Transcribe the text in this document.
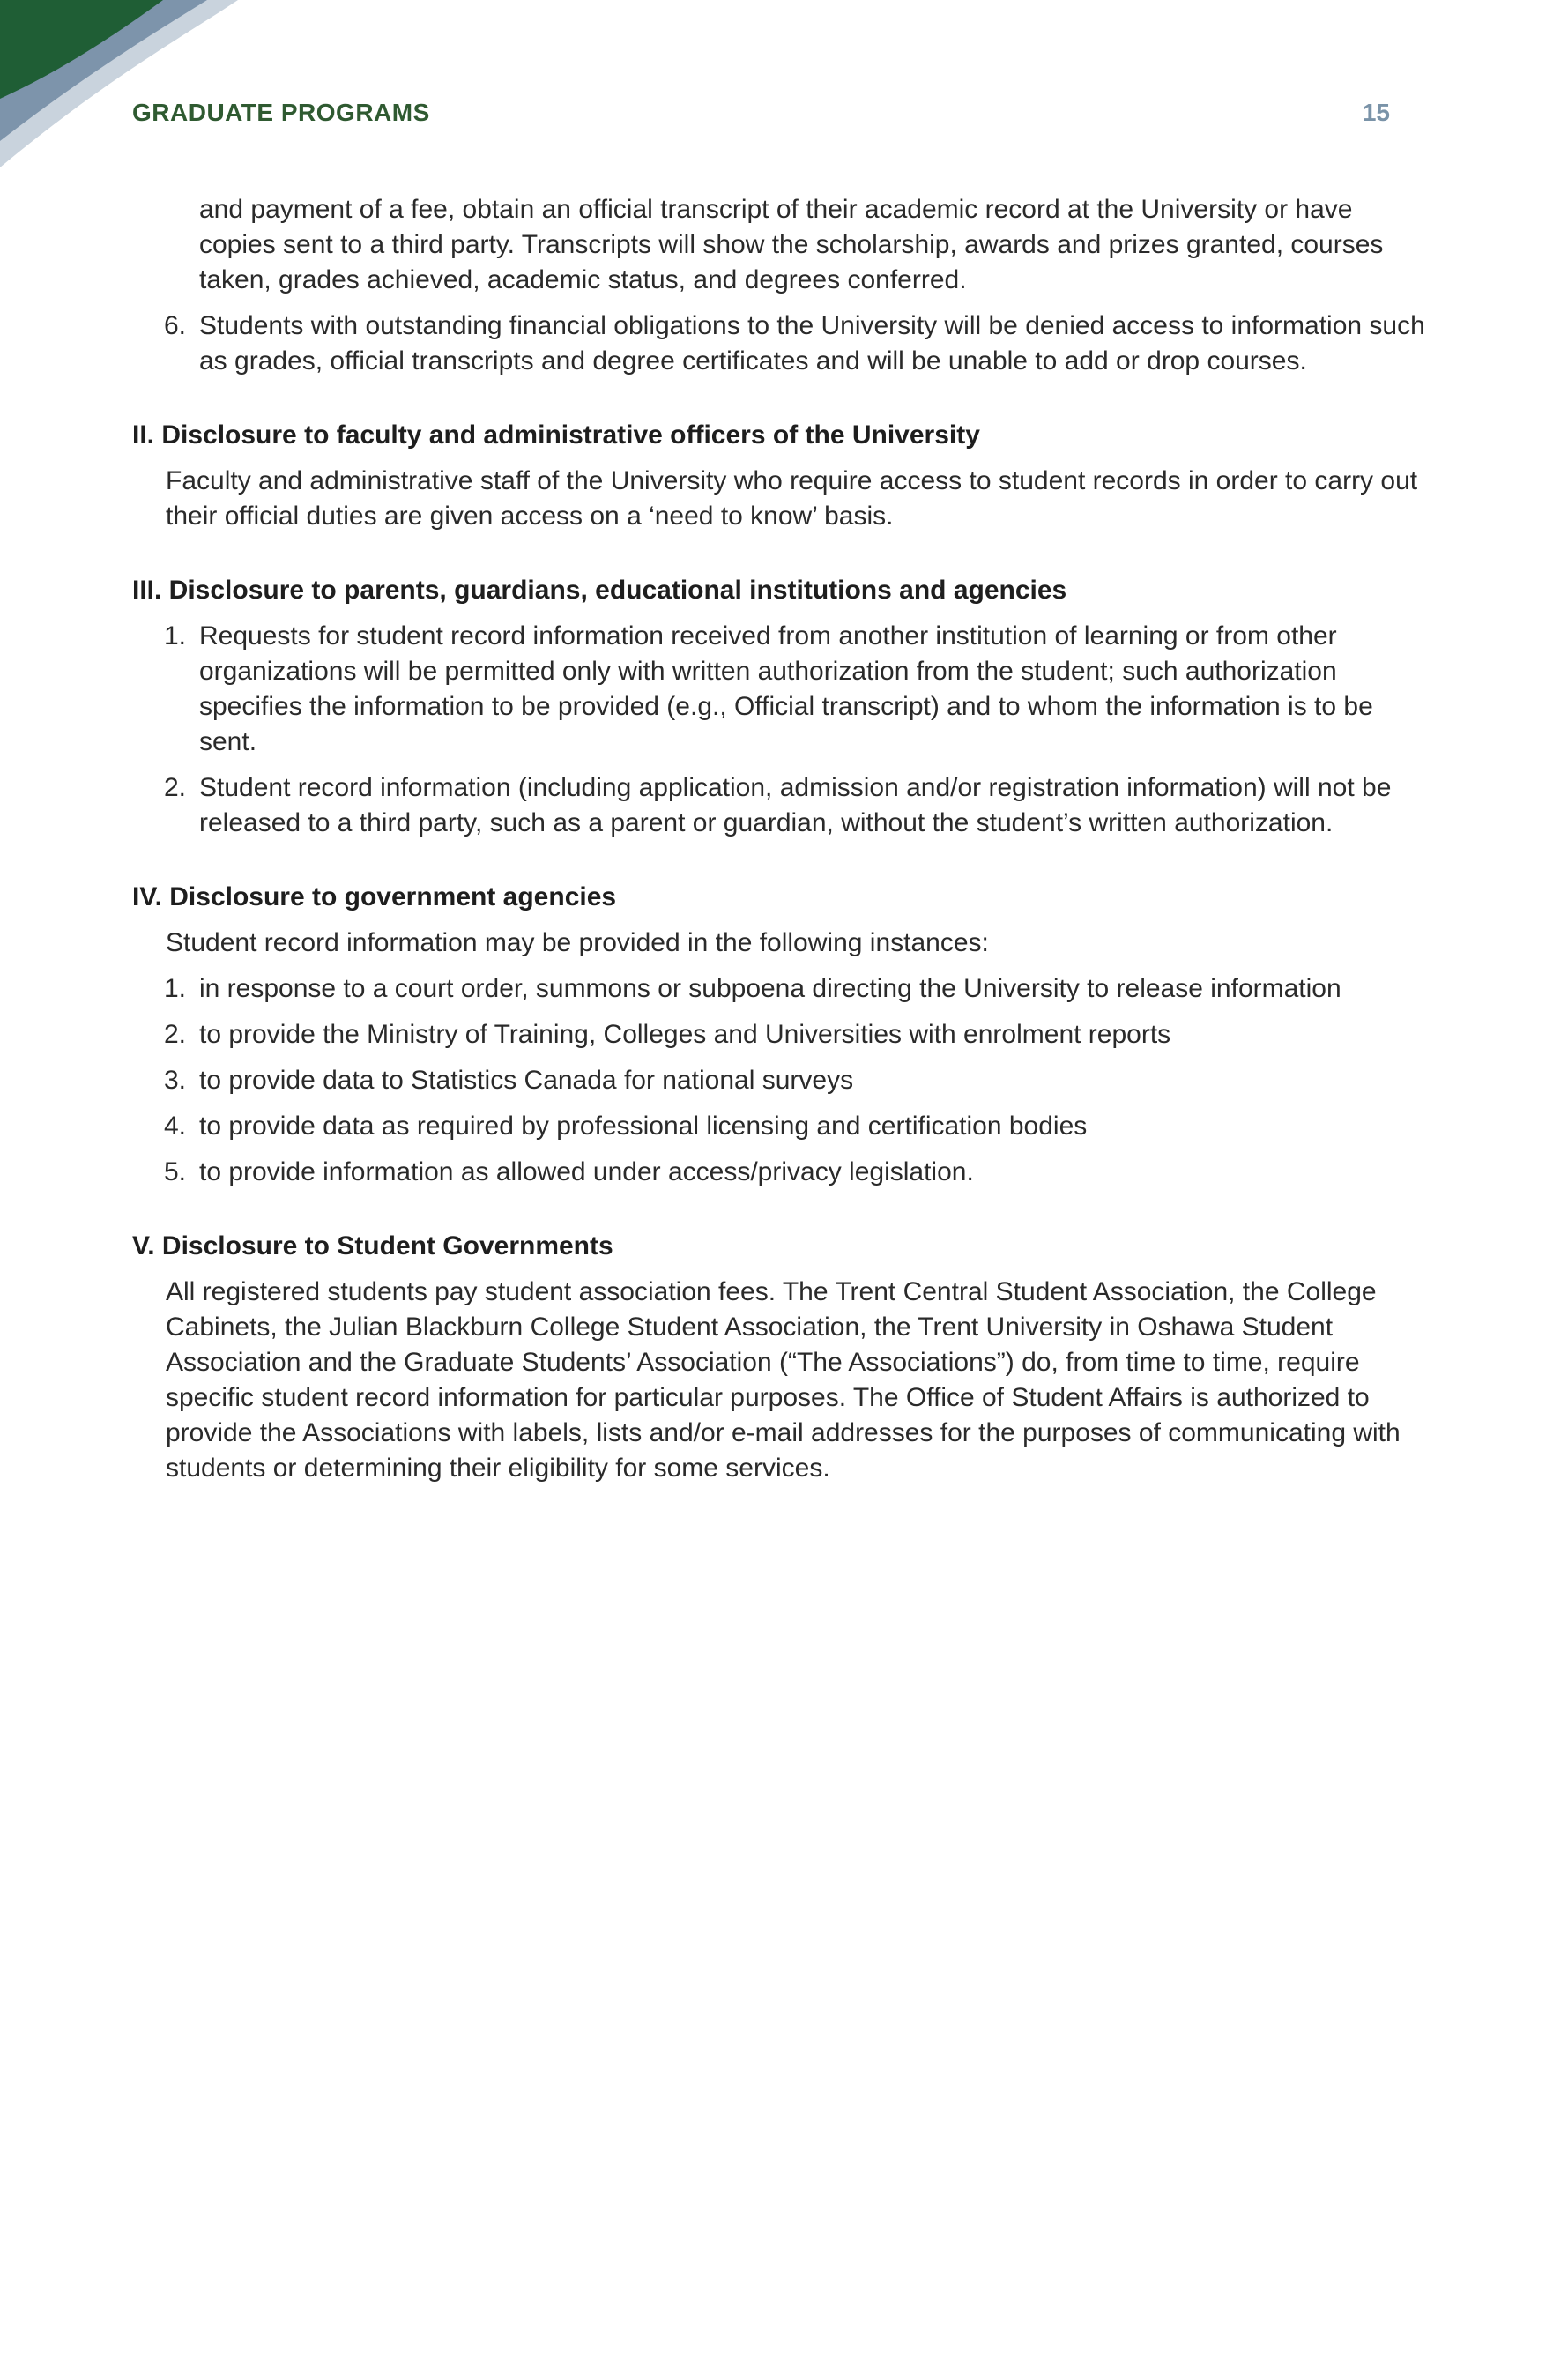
GRADUATE PROGRAMS	15

and payment of a fee, obtain an official transcript of their academic record at the University or have copies sent to a third party. Transcripts will show the scholarship, awards and prizes granted, courses taken, grades achieved, academic status, and degrees conferred.

6. Students with outstanding financial obligations to the University will be denied access to information such as grades, official transcripts and degree certificates and will be unable to add or drop courses.
II. Disclosure to faculty and administrative officers of the University

Faculty and administrative staff of the University who require access to student records in order to carry out their official duties are given access on a ‘need to know’ basis.

III. Disclosure to parents, guardians, educational institutions and agencies
1. Requests for student record information received from another institution of learning or from other organizations will be permitted only with written authorization from the student; such authorization specifies the information to be provided (e.g., Official transcript) and to whom the information is to be sent.
2. Student record information (including application, admission and/or registration information) will not be released to a third party, such as a parent or guardian, without the student’s written authorization.
IV. Disclosure to government agencies

Student record information may be provided in the following instances:

1. in response to a court order, summons or subpoena directing the University to release information
2. to provide the Ministry of Training, Colleges and Universities with enrolment reports
3. to provide data to Statistics Canada for national surveys
4. to provide data as required by professional licensing and certification bodies
5. to provide information as allowed under access/privacy legislation.
V. Disclosure to Student Governments

All registered students pay student association fees. The Trent Central Student Association, the College Cabinets, the Julian Blackburn College Student Association, the Trent University in Oshawa Student Association and the Graduate Students’ Association (“The Associations”) do, from time to time, require specific student record information for particular purposes. The Office of Student Affairs is authorized to provide the Associations with labels, lists and/or e-mail addresses for the purposes of communicating with students or determining their eligibility for some services.
